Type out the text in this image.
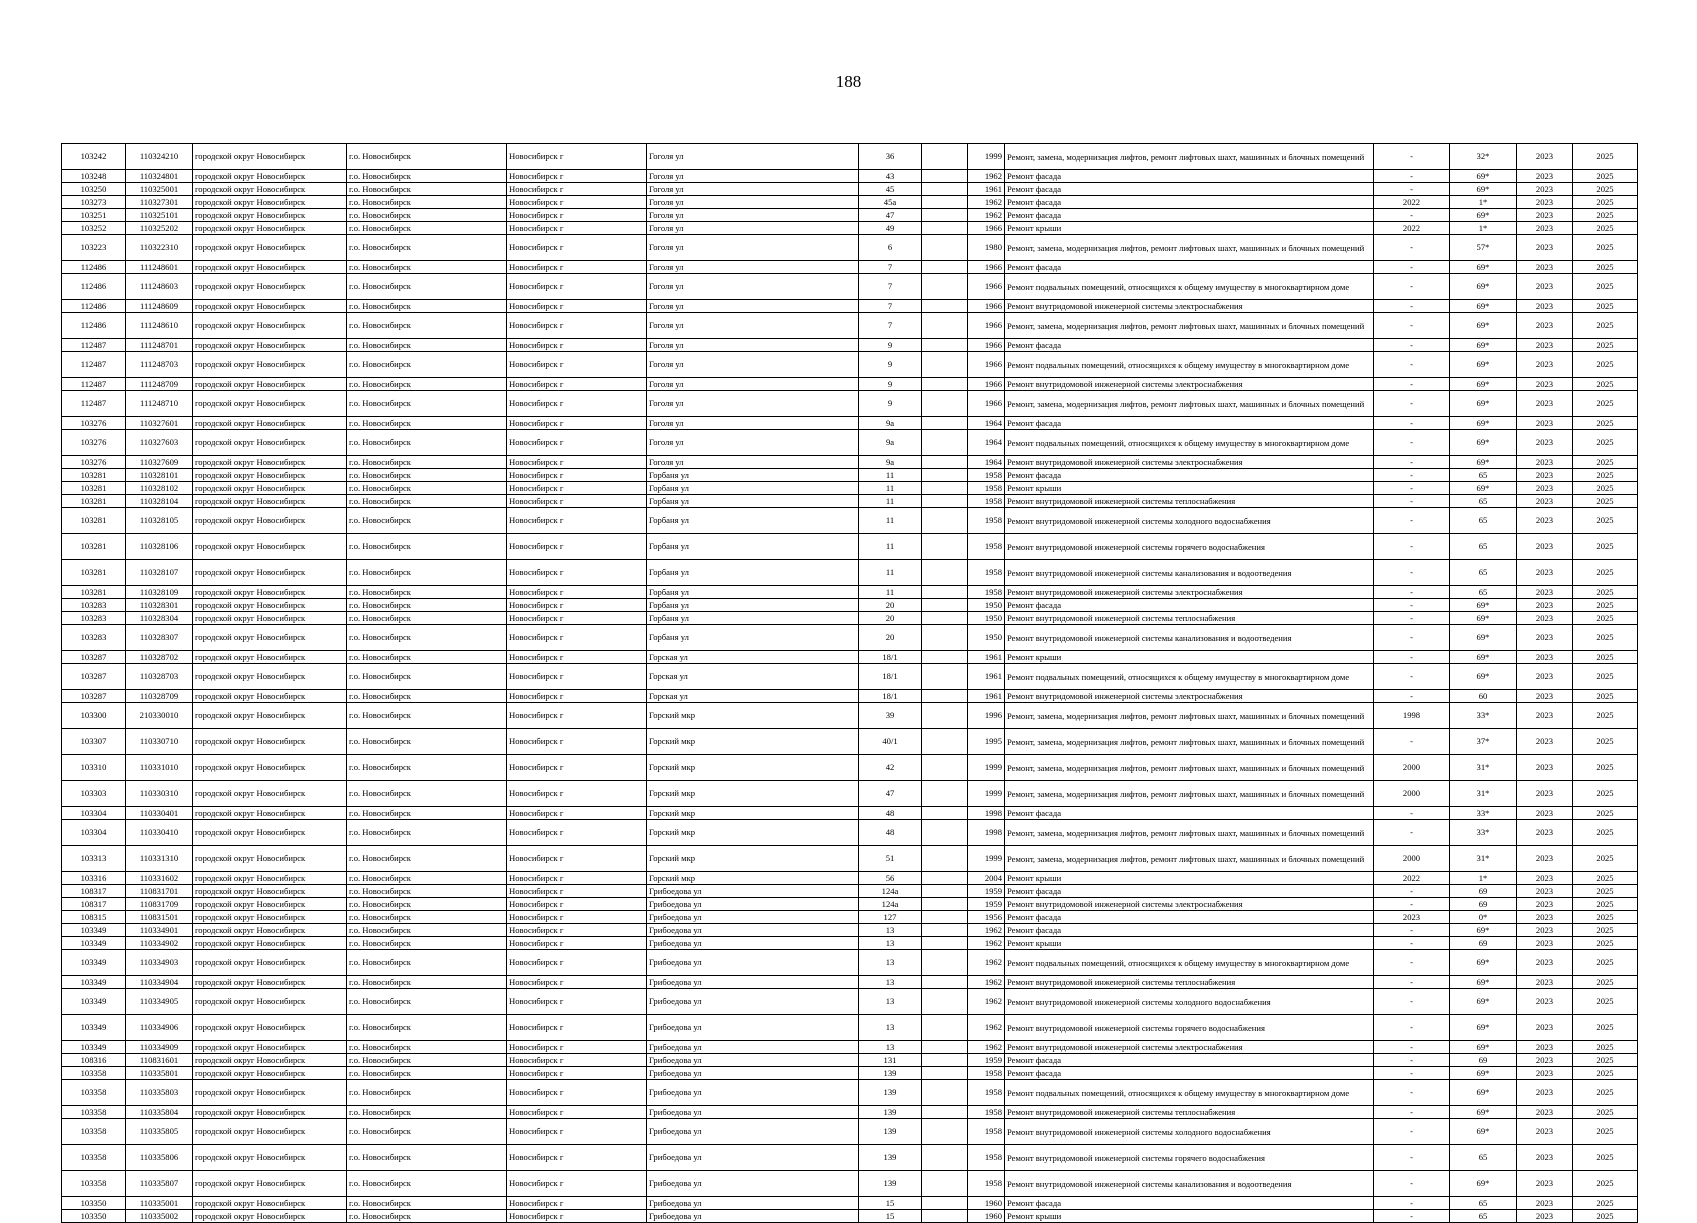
188
103242	110324210	городской округ Новосибирск	г.о. Новосибирск	Новосибирск г	Гоголя ул	36		1999	Ремонт, замена, модернизация лифтов, ремонт лифтовых шахт, машинных и блочных помещений	-	32*	2023	2025
103248	110324801	городской округ Новосибирск	г.о. Новосибирск	Новосибирск г	Гоголя ул	43		1962	Ремонт фасада	-	69*	2023	2025
103250	110325001	городской округ Новосибирск	г.о. Новосибирск	Новосибирск г	Гоголя ул	45		1961	Ремонт фасада	-	69*	2023	2025
103273	110327301	городской округ Новосибирск	г.о. Новосибирск	Новосибирск г	Гоголя ул	45а		1962	Ремонт фасада	2022	1*	2023	2025
103251	110325101	городской округ Новосибирск	г.о. Новосибирск	Новосибирск г	Гоголя ул	47		1962	Ремонт фасада	-	69*	2023	2025
103252	110325202	городской округ Новосибирск	г.о. Новосибирск	Новосибирск г	Гоголя ул	49		1966	Ремонт крыши	2022	1*	2023	2025
103223	110322310	городской округ Новосибирск	г.о. Новосибирск	Новосибирск г	Гоголя ул	6		1980	Ремонт, замена, модернизация лифтов, ремонт лифтовых шахт, машинных и блочных помещений	-	57*	2023	2025
112486	111248601	городской округ Новосибирск	г.о. Новосибирск	Новосибирск г	Гоголя ул	7		1966	Ремонт фасада	-	69*	2023	2025
112486	111248603	городской округ Новосибирск	г.о. Новосибирск	Новосибирск г	Гоголя ул	7		1966	Ремонт подвальных помещений, относящихся к общему имуществу в многоквартирном доме	-	69*	2023	2025
112486	111248609	городской округ Новосибирск	г.о. Новосибирск	Новосибирск г	Гоголя ул	7		1966	Ремонт внутридомовой инженерной системы электроснабжения	-	69*	2023	2025
112486	111248610	городской округ Новосибирск	г.о. Новосибирск	Новосибирск г	Гоголя ул	7		1966	Ремонт, замена, модернизация лифтов, ремонт лифтовых шахт, машинных и блочных помещений	-	69*	2023	2025
112487	111248701	городской округ Новосибирск	г.о. Новосибирск	Новосибирск г	Гоголя ул	9		1966	Ремонт фасада	-	69*	2023	2025
112487	111248703	городской округ Новосибирск	г.о. Новосибирск	Новосибирск г	Гоголя ул	9		1966	Ремонт подвальных помещений, относящихся к общему имуществу в многоквартирном доме	-	69*	2023	2025
112487	111248709	городской округ Новосибирск	г.о. Новосибирск	Новосибирск г	Гоголя ул	9		1966	Ремонт внутридомовой инженерной системы электроснабжения	-	69*	2023	2025
112487	111248710	городской округ Новосибирск	г.о. Новосибирск	Новосибирск г	Гоголя ул	9		1966	Ремонт, замена, модернизация лифтов, ремонт лифтовых шахт, машинных и блочных помещений	-	69*	2023	2025
103276	110327601	городской округ Новосибирск	г.о. Новосибирск	Новосибирск г	Гоголя ул	9а		1964	Ремонт фасада	-	69*	2023	2025
103276	110327603	городской округ Новосибирск	г.о. Новосибирск	Новосибирск г	Гоголя ул	9а		1964	Ремонт подвальных помещений, относящихся к общему имуществу в многоквартирном доме	-	69*	2023	2025
103276	110327609	городской округ Новосибирск	г.о. Новосибирск	Новосибирск г	Гоголя ул	9а		1964	Ремонт внутридомовой инженерной системы электроснабжения	-	69*	2023	2025
103281	110328101	городской округ Новосибирск	г.о. Новосибирск	Новосибирск г	Горбаня ул	11		1958	Ремонт фасада	-	65	2023	2025
103281	110328102	городской округ Новосибирск	г.о. Новосибирск	Новосибирск г	Горбаня ул	11		1958	Ремонт крыши	-	69*	2023	2025
103281	110328104	городской округ Новосибирск	г.о. Новосибирск	Новосибирск г	Горбаня ул	11		1958	Ремонт внутридомовой инженерной системы теплоснабжения	-	65	2023	2025
103281	110328105	городской округ Новосибирск	г.о. Новосибирск	Новосибирск г	Горбаня ул	11		1958	Ремонт внутридомовой инженерной системы холодного водоснабжения	-	65	2023	2025
103281	110328106	городской округ Новосибирск	г.о. Новосибирск	Новосибирск г	Горбаня ул	11		1958	Ремонт внутридомовой инженерной системы горячего водоснабжения	-	65	2023	2025
103281	110328107	городской округ Новосибирск	г.о. Новосибирск	Новосибирск г	Горбаня ул	11		1958	Ремонт внутридомовой инженерной системы канализования и водоотведения	-	65	2023	2025
103281	110328109	городской округ Новосибирск	г.о. Новосибирск	Новосибирск г	Горбаня ул	11		1958	Ремонт внутридомовой инженерной системы электроснабжения	-	65	2023	2025
103283	110328301	городской округ Новосибирск	г.о. Новосибирск	Новосибирск г	Горбаня ул	20		1950	Ремонт фасада	-	69*	2023	2025
103283	110328304	городской округ Новосибирск	г.о. Новосибирск	Новосибирск г	Горбаня ул	20		1950	Ремонт внутридомовой инженерной системы теплоснабжения	-	69*	2023	2025
103283	110328307	городской округ Новосибирск	г.о. Новосибирск	Новосибирск г	Горбаня ул	20		1950	Ремонт внутридомовой инженерной системы канализования и водоотведения	-	69*	2023	2025
103287	110328702	городской округ Новосибирск	г.о. Новосибирск	Новосибирск г	Горская ул	18/1		1961	Ремонт крыши	-	69*	2023	2025
103287	110328703	городской округ Новосибирск	г.о. Новосибирск	Новосибирск г	Горская ул	18/1		1961	Ремонт подвальных помещений, относящихся к общему имуществу в многоквартирном доме	-	69*	2023	2025
103287	110328709	городской округ Новосибирск	г.о. Новосибирск	Новосибирск г	Горская ул	18/1		1961	Ремонт внутридомовой инженерной системы электроснабжения	-	60	2023	2025
103300	210330010	городской округ Новосибирск	г.о. Новосибирск	Новосибирск г	Горский мкр	39		1996	Ремонт, замена, модернизация лифтов, ремонт лифтовых шахт, машинных и блочных помещений	1998	33*	2023	2025
103307	110330710	городской округ Новосибирск	г.о. Новосибирск	Новосибирск г	Горский мкр	40/1		1995	Ремонт, замена, модернизация лифтов, ремонт лифтовых шахт, машинных и блочных помещений	-	37*	2023	2025
103310	110331010	городской округ Новосибирск	г.о. Новосибирск	Новосибирск г	Горский мкр	42		1999	Ремонт, замена, модернизация лифтов, ремонт лифтовых шахт, машинных и блочных помещений	2000	31*	2023	2025
103303	110330310	городской округ Новосибирск	г.о. Новосибирск	Новосибирск г	Горский мкр	47		1999	Ремонт, замена, модернизация лифтов, ремонт лифтовых шахт, машинных и блочных помещений	2000	31*	2023	2025
103304	110330401	городской округ Новосибирск	г.о. Новосибирск	Новосибирск г	Горский мкр	48		1998	Ремонт фасада	-	33*	2023	2025
103304	110330410	городской округ Новосибирск	г.о. Новосибирск	Новосибирск г	Горский мкр	48		1998	Ремонт, замена, модернизация лифтов, ремонт лифтовых шахт, машинных и блочных помещений	-	33*	2023	2025
103313	110331310	городской округ Новосибирск	г.о. Новосибирск	Новосибирск г	Горский мкр	51		1999	Ремонт, замена, модернизация лифтов, ремонт лифтовых шахт, машинных и блочных помещений	2000	31*	2023	2025
103316	110331602	городской округ Новосибирск	г.о. Новосибирск	Новосибирск г	Горский мкр	56		2004	Ремонт крыши	2022	1*	2023	2025
108317	110831701	городской округ Новосибирск	г.о. Новосибирск	Новосибирск г	Грибоедова ул	124а		1959	Ремонт фасада	-	69	2023	2025
108317	110831709	городской округ Новосибирск	г.о. Новосибирск	Новосибирск г	Грибоедова ул	124а		1959	Ремонт внутридомовой инженерной системы электроснабжения	-	69	2023	2025
108315	110831501	городской округ Новосибирск	г.о. Новосибирск	Новосибирск г	Грибоедова ул	127		1956	Ремонт фасада	2023	0*	2023	2025
103349	110334901	городской округ Новосибирск	г.о. Новосибирск	Новосибирск г	Грибоедова ул	13		1962	Ремонт фасада	-	69*	2023	2025
103349	110334902	городской округ Новосибирск	г.о. Новосибирск	Новосибирск г	Грибоедова ул	13		1962	Ремонт крыши	-	69	2023	2025
103349	110334903	городской округ Новосибирск	г.о. Новосибирск	Новосибирск г	Грибоедова ул	13		1962	Ремонт подвальных помещений, относящихся к общему имуществу в многоквартирном доме	-	69*	2023	2025
103349	110334904	городской округ Новосибирск	г.о. Новосибирск	Новосибирск г	Грибоедова ул	13		1962	Ремонт внутридомовой инженерной системы теплоснабжения	-	69*	2023	2025
103349	110334905	городской округ Новосибирск	г.о. Новосибирск	Новосибирск г	Грибоедова ул	13		1962	Ремонт внутридомовой инженерной системы холодного водоснабжения	-	69*	2023	2025
103349	110334906	городской округ Новосибирск	г.о. Новосибирск	Новосибирск г	Грибоедова ул	13		1962	Ремонт внутридомовой инженерной системы горячего водоснабжения	-	69*	2023	2025
103349	110334909	городской округ Новосибирск	г.о. Новосибирск	Новосибирск г	Грибоедова ул	13		1962	Ремонт внутридомовой инженерной системы электроснабжения	-	69*	2023	2025
108316	110831601	городской округ Новосибирск	г.о. Новосибирск	Новосибирск г	Грибоедова ул	131		1959	Ремонт фасада	-	69	2023	2025
103358	110335801	городской округ Новосибирск	г.о. Новосибирск	Новосибирск г	Грибоедова ул	139		1958	Ремонт фасада	-	69*	2023	2025
103358	110335803	городской округ Новосибирск	г.о. Новосибирск	Новосибирск г	Грибоедова ул	139		1958	Ремонт подвальных помещений, относящихся к общему имуществу в многоквартирном доме	-	69*	2023	2025
103358	110335804	городской округ Новосибирск	г.о. Новосибирск	Новосибирск г	Грибоедова ул	139		1958	Ремонт внутридомовой инженерной системы теплоснабжения	-	69*	2023	2025
103358	110335805	городской округ Новосибирск	г.о. Новосибирск	Новосибирск г	Грибоедова ул	139		1958	Ремонт внутридомовой инженерной системы холодного водоснабжения	-	69*	2023	2025
103358	110335806	городской округ Новосибирск	г.о. Новосибирск	Новосибирск г	Грибоедова ул	139		1958	Ремонт внутридомовой инженерной системы горячего водоснабжения	-	65	2023	2025
103358	110335807	городской округ Новосибирск	г.о. Новосибирск	Новосибирск г	Грибоедова ул	139		1958	Ремонт внутридомовой инженерной системы канализования и водоотведения	-	69*	2023	2025
103350	110335001	городской округ Новосибирск	г.о. Новосибирск	Новосибирск г	Грибоедова ул	15		1960	Ремонт фасада	-	65	2023	2025
103350	110335002	городской округ Новосибирск	г.о. Новосибирск	Новосибирск г	Грибоедова ул	15		1960	Ремонт крыши	-	65	2023	2025
